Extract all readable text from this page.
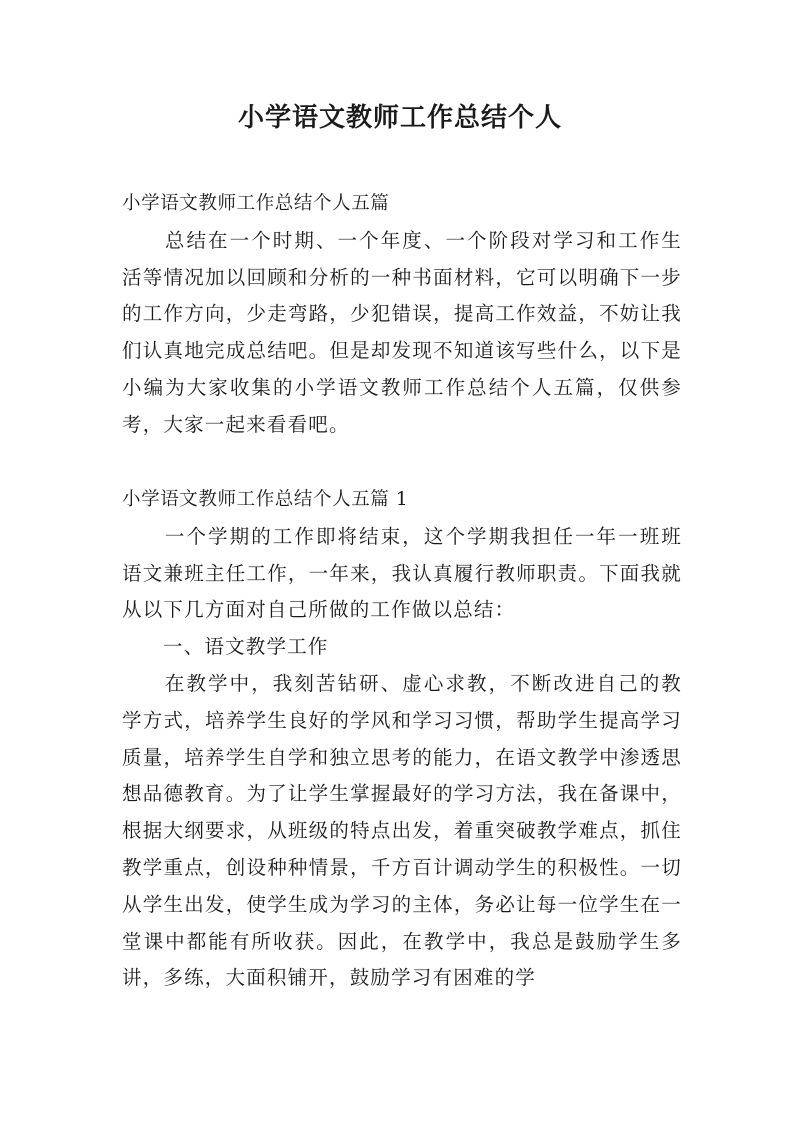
小学语文教师工作总结个人
小学语文教师工作总结个人五篇

总结在一个时期、一个年度、一个阶段对学习和工作生活等情况加以回顾和分析的一种书面材料，它可以明确下一步的工作方向，少走弯路，少犯错误，提高工作效益，不妨让我们认真地完成总结吧。但是却发现不知道该写些什么，以下是小编为大家收集的小学语文教师工作总结个人五篇，仅供参考，大家一起来看看吧。

小学语文教师工作总结个人五篇 1

一个学期的工作即将结束，这个学期我担任一年一班班语文兼班主任工作，一年来，我认真履行教师职责。下面我就从以下几方面对自己所做的工作做以总结：

一、语文教学工作

在教学中，我刻苦钻研、虚心求教，不断改进自己的教学方式，培养学生良好的学风和学习习惯，帮助学生提高学习质量，培养学生自学和独立思考的能力，在语文教学中渗透思想品德教育。为了让学生掌握最好的学习方法，我在备课中，根据大纲要求，从班级的特点出发，着重突破教学难点，抓住教学重点，创设种种情景，千方百计调动学生的积极性。一切从学生出发，使学生成为学习的主体，务必让每一位学生在一堂课中都能有所收获。因此，在教学中，我总是鼓励学生多讲，多练，大面积铺开，鼓励学习有困难的学
